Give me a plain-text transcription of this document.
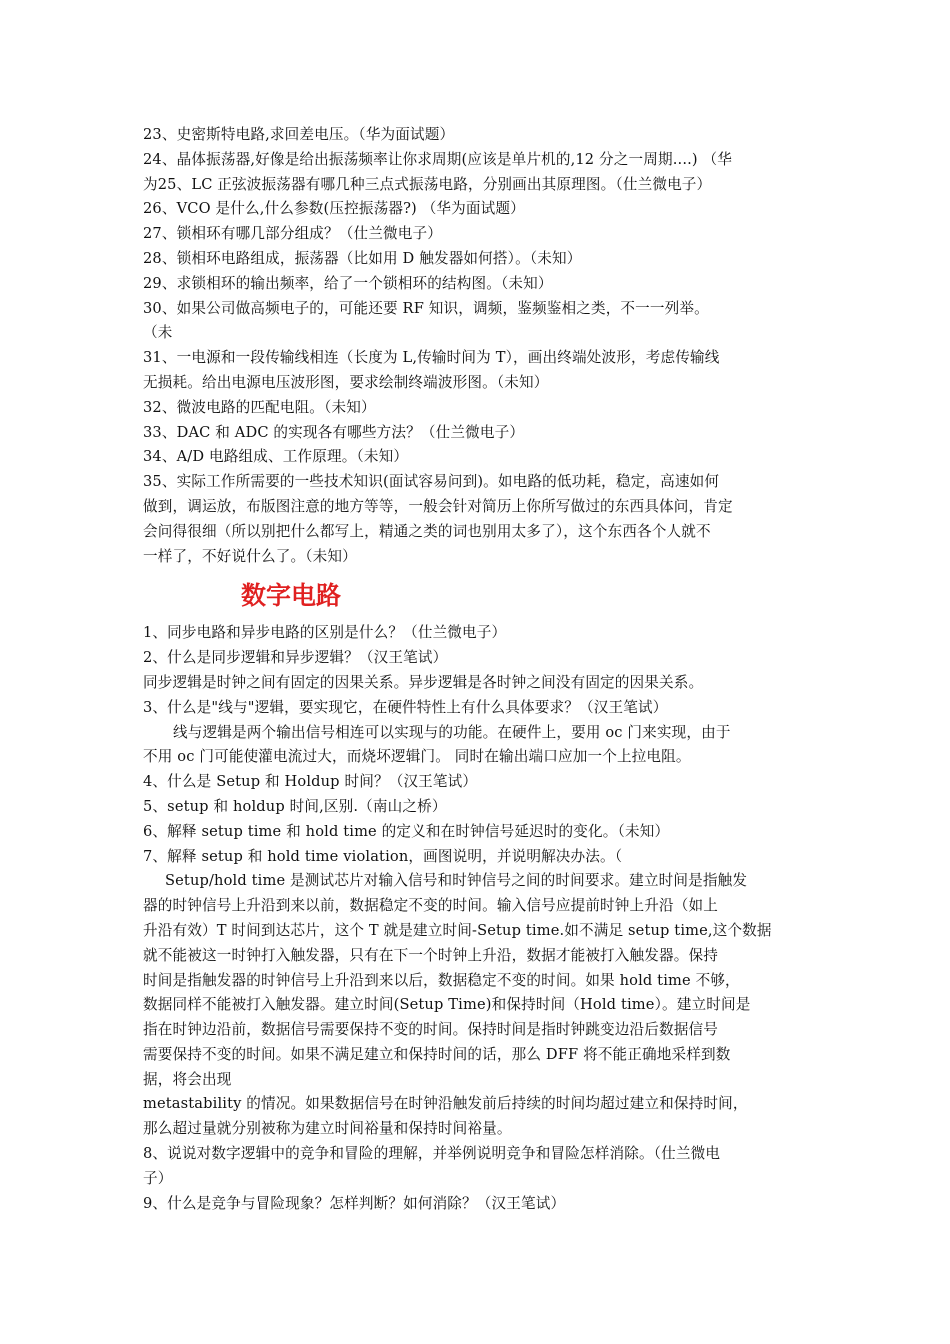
23、史密斯特电路,求回差电压。（华为面试题）
24、晶体振荡器,好像是给出振荡频率让你求周期(应该是单片机的,12 分之一周期....) （华
为25、LC 正弦波振荡器有哪几种三点式振荡电路，分别画出其原理图。（仕兰微电子）
26、VCO 是什么,什么参数(压控振荡器?) （华为面试题）
27、锁相环有哪几部分组成？（仕兰微电子）
28、锁相环电路组成，振荡器（比如用 D 触发器如何搭）。（未知）
29、求锁相环的输出频率，给了一个锁相环的结构图。（未知）
30、如果公司做高频电子的，可能还要 RF 知识，调频，鉴频鉴相之类，不一一列举。
（未
31、一电源和一段传输线相连（长度为 L,传输时间为 T），画出终端处波形，考虑传输线
无损耗。给出电源电压波形图，要求绘制终端波形图。（未知）
32、微波电路的匹配电阻。（未知）
33、DAC 和 ADC 的实现各有哪些方法？（仕兰微电子）
34、A/D 电路组成、工作原理。（未知）
35、实际工作所需要的一些技术知识(面试容易问到)。如电路的低功耗，稳定，高速如何
做到，调运放，布版图注意的地方等等，一般会针对简历上你所写做过的东西具体问，肯定
会问得很细（所以别把什么都写上，精通之类的词也别用太多了），这个东西各个人就不
一样了，不好说什么了。（未知）
数字电路
1、同步电路和异步电路的区别是什么？（仕兰微电子）
2、什么是同步逻辑和异步逻辑？（汉王笔试）
同步逻辑是时钟之间有固定的因果关系。异步逻辑是各时钟之间没有固定的因果关系。
3、什么是"线与"逻辑，要实现它，在硬件特性上有什么具体要求？（汉王笔试）
线与逻辑是两个输出信号相连可以实现与的功能。在硬件上，要用 oc 门来实现，由于
不用 oc 门可能使灌电流过大，而烧坏逻辑门。 同时在输出端口应加一个上拉电阻。
4、什么是 Setup 和 Holdup 时间？（汉王笔试）
5、setup 和 holdup 时间,区别.（南山之桥）
6、解释 setup time 和 hold time 的定义和在时钟信号延迟时的变化。（未知）
7、解释 setup 和 hold time violation，画图说明，并说明解决办法。（
Setup/hold time 是测试芯片对输入信号和时钟信号之间的时间要求。建立时间是指触发
器的时钟信号上升沿到来以前，数据稳定不变的时间。输入信号应提前时钟上升沿（如上
升沿有效）T 时间到达芯片，这个 T 就是建立时间-Setup time.如不满足 setup time,这个数据
就不能被这一时钟打入触发器，只有在下一个时钟上升沿，数据才能被打入触发器。保持
时间是指触发器的时钟信号上升沿到来以后，数据稳定不变的时间。如果 hold time 不够，
数据同样不能被打入触发器。建立时间(Setup Time)和保持时间（Hold time）。建立时间是
指在时钟边沿前，数据信号需要保持不变的时间。保持时间是指时钟跳变边沿后数据信号
需要保持不变的时间。如果不满足建立和保持时间的话，那么 DFF 将不能正确地采样到数
据，将会出现
metastability 的情况。如果数据信号在时钟沿触发前后持续的时间均超过建立和保持时间，
那么超过量就分别被称为建立时间裕量和保持时间裕量。
8、说说对数字逻辑中的竞争和冒险的理解，并举例说明竞争和冒险怎样消除。（仕兰微电
子）
9、什么是竞争与冒险现象？怎样判断？如何消除？（汉王笔试）
